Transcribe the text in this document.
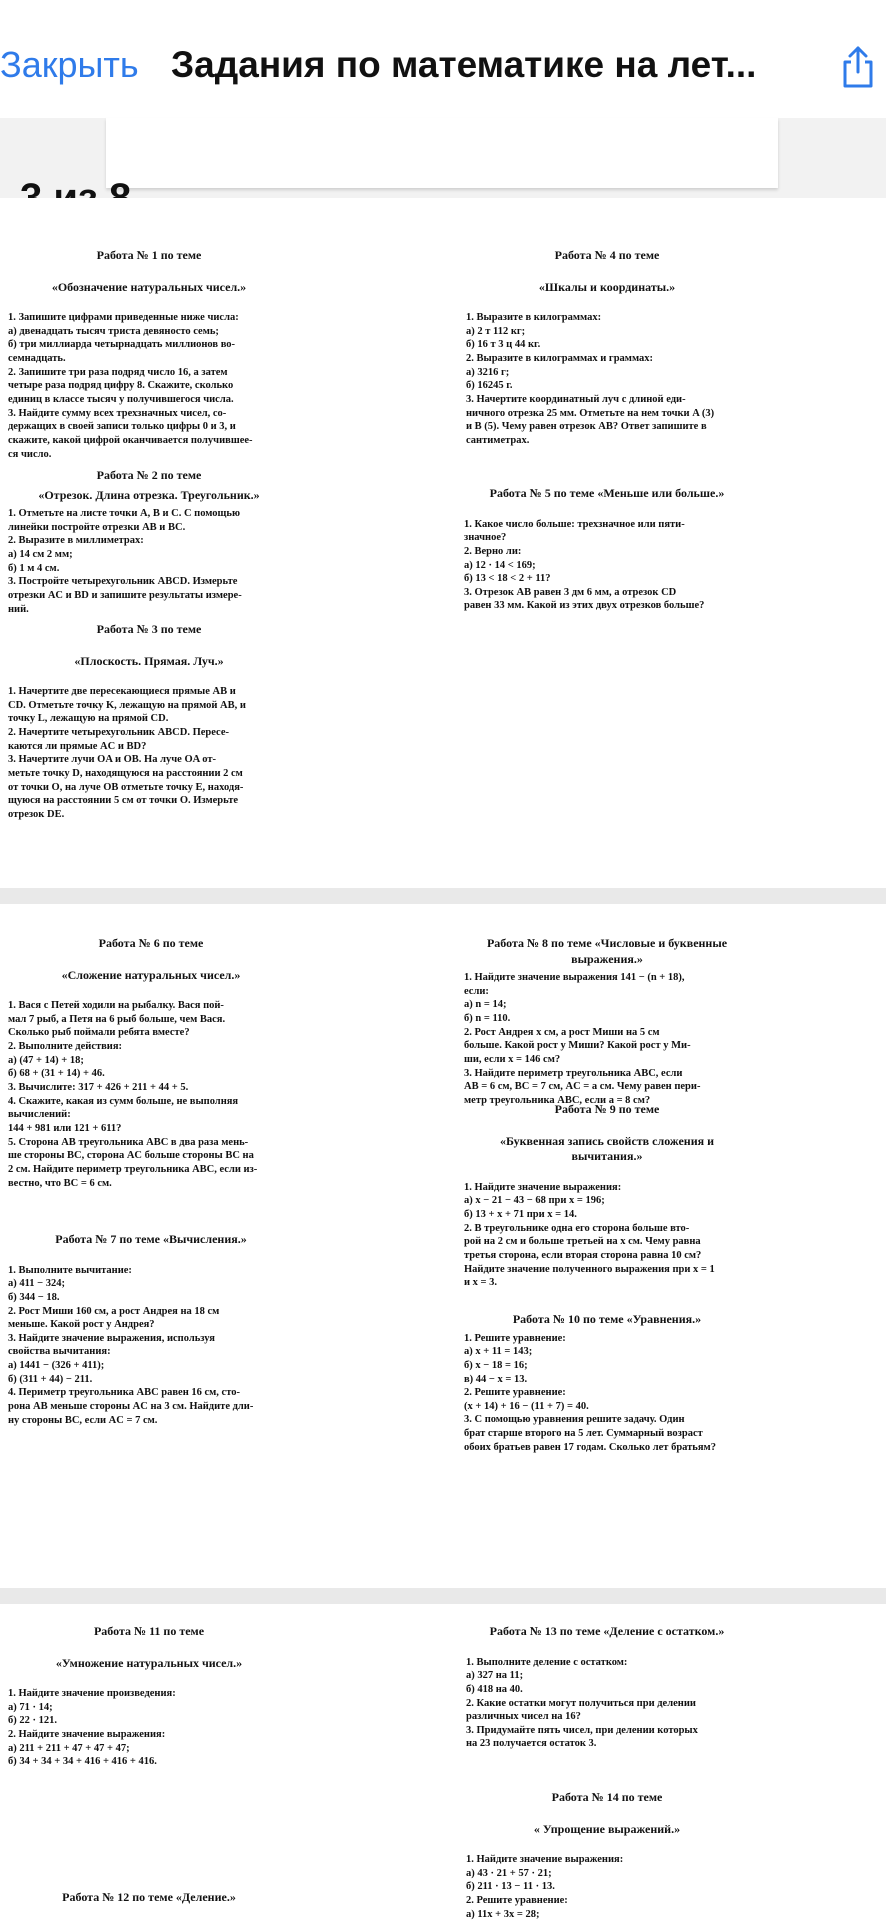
Закрыть Задания по математике на лет...

Работа № 1 по теме

«Обозначение натуральных чисел.»

1. Запишите цифрами приведенные ниже числа:

а) двенадцать тысяч триста девяносто семь;

б) три миллиарда четырнадцать миллионов во-
семнадцать.

2. Запишите три раза подряд число 16, а затем
четыре раза подряд цифру 8. Скажите, сколько
единиц в классе тысяч у получившегося числа.

3. Найдите сумму всех трехзначных чисел, со-
держащих в своей записи только цифры 0 и 3, и
скажите, какой цифрой оканчивается получившее-
ся число.

Работа № 2 по теме

«Отрезок. Длина отрезка. Треугольник.»

1. Отметьте на листе точки A, B и C. С помощью
линейки постройте отрезки AB и BC.

2. Выразите в миллиметрах:

а) 14 см 2 мм;

б) 1 м 4 см.

3. Постройте четырехугольник ABCD. Измерьте
отрезки AC и BD и запишите результаты измере-
ний.

Работа № 3 по теме

«Плоскость. Прямая. Луч.»

1. Начертите две пересекающиеся прямые AB и
CD. Отметьте точку K, лежащую на прямой AB, и
точку L, лежащую на прямой CD.

2. Начертите четырехугольник ABCD. Пересе-
каются ли прямые AC и BD?

3. Начертите лучи OA и OB. На луче OA от-
метьте точку D, находящуюся на расстоянии 2 см
от точки O, на луче OB отметьте точку E, находя-
щуюся на расстоянии 5 см от точки O. Измерьте
отрезок DE.

Работа № 4 по теме

«Шкалы и координаты.»

1. Выразите в килограммах:

а) 2 т 112 кг;

б) 16 т 3 ц 44 кг.

2. Выразите в килограммах и граммах:

а) 3216 г;

б) 16245 г.

3. Начертите координатный луч с длиной еди-
ничного отрезка 25 мм. Отметьте на нем точки A (3)
и B (5). Чему равен отрезок AB? Ответ запишите в
сантиметрах.

Работа № 5 по теме «Меньше или больше.»

1. Какое число больше: трехзначное или пяти-
значное?

2. Верно ли:

а) 12 · 14 < 169;

б) 13 < 18 < 2 + 11?

3. Отрезок AB равен 3 дм 6 мм, а отрезок CD
равен 33 мм. Какой из этих двух отрезков больше?

Работа № 6 по теме

«Сложение натуральных чисел.»

1. Вася с Петей ходили на рыбалку. Вася пой-
мал 7 рыб, а Петя на 6 рыб больше, чем Вася.
Сколько рыб поймали ребята вместе?

2. Выполните действия:

а) (47 + 14) + 18;

б) 68 + (31 + 14) + 46.

3. Вычислите: 317 + 426 + 211 + 44 + 5.

4. Скажите, какая из сумм больше, не выполняя
вычислений:

144 + 981 или 121 + 611?

5. Сторона AB треугольника ABC в два раза мень-
ше стороны BC, сторона AC больше стороны BC на
2 см. Найдите периметр треугольника ABC, если из-
вестно, что BC = 6 см.

Работа № 7 по теме «Вычисления.»

1. Выполните вычитание:

а) 411 − 324;

б) 344 − 18.

2. Рост Миши 160 см, а рост Андрея на 18 см
меньше. Какой рост у Андрея?

3. Найдите значение выражения, используя
свойства вычитания:

а) 1441 − (326 + 411);

б) (311 + 44) − 211.

4. Периметр треугольника ABC равен 16 см, сто-
рона AB меньше стороны AC на 3 см. Найдите дли-
ну стороны BC, если AC = 7 см.

Работа № 8 по теме «Числовые и буквенные выражения.»

1. Найдите значение выражения 141 − (n + 18),
если:

а) n = 14;

б) n = 110.

2. Рост Андрея x см, а рост Миши на 5 см
больше. Какой рост у Миши? Какой рост у Ми-
ши, если x = 146 см?

3. Найдите периметр треугольника ABC, если
AB = 6 см, BC = 7 см, AC = a см. Чему равен пери-
метр треугольника ABC, если a = 8 см?

Работа № 9 по теме

«Буквенная запись свойств сложения и вычитания.»

1. Найдите значение выражения:

а) x − 21 − 43 − 68 при x = 196;

б) 13 + x + 71 при x = 14.

2. В треугольнике одна его сторона больше вто-
рой на 2 см и больше третьей на x см. Чему равна
третья сторона, если вторая сторона равна 10 см?
Найдите значение полученного выражения при x = 1
и x = 3.

Работа № 10 по теме «Уравнения.»

1. Решите уравнение:

а) x + 11 = 143;

б) x − 18 = 16;

в) 44 − x = 13.

2. Решите уравнение:

(x + 14) + 16 − (11 + 7) = 40.

3. С помощью уравнения решите задачу. Один
брат старше второго на 5 лет. Суммарный возраст
обоих братьев равен 17 годам. Сколько лет братьям?

Работа № 11 по теме

«Умножение натуральных чисел.»

1. Найдите значение произведения:

а) 71 · 14;

б) 22 · 121.

2. Найдите значение выражения:

а) 211 + 211 + 47 + 47 + 47;

б) 34 + 34 + 34 + 416 + 416 + 416.

Работа № 12 по теме «Деление.»

Работа № 13 по теме «Деление с остатком.»

1. Выполните деление с остатком:

а) 327 на 11;

б) 418 на 40.

2. Какие остатки могут получиться при делении
различных чисел на 16?

3. Придумайте пять чисел, при делении которых
на 23 получается остаток 3.

Работа № 14 по теме

« Упрощение выражений.»

1. Найдите значение выражения:

а) 43 · 21 + 57 · 21;

б) 211 · 13 − 11 · 13.

2. Решите уравнение:

а) 11x + 3x = 28;
